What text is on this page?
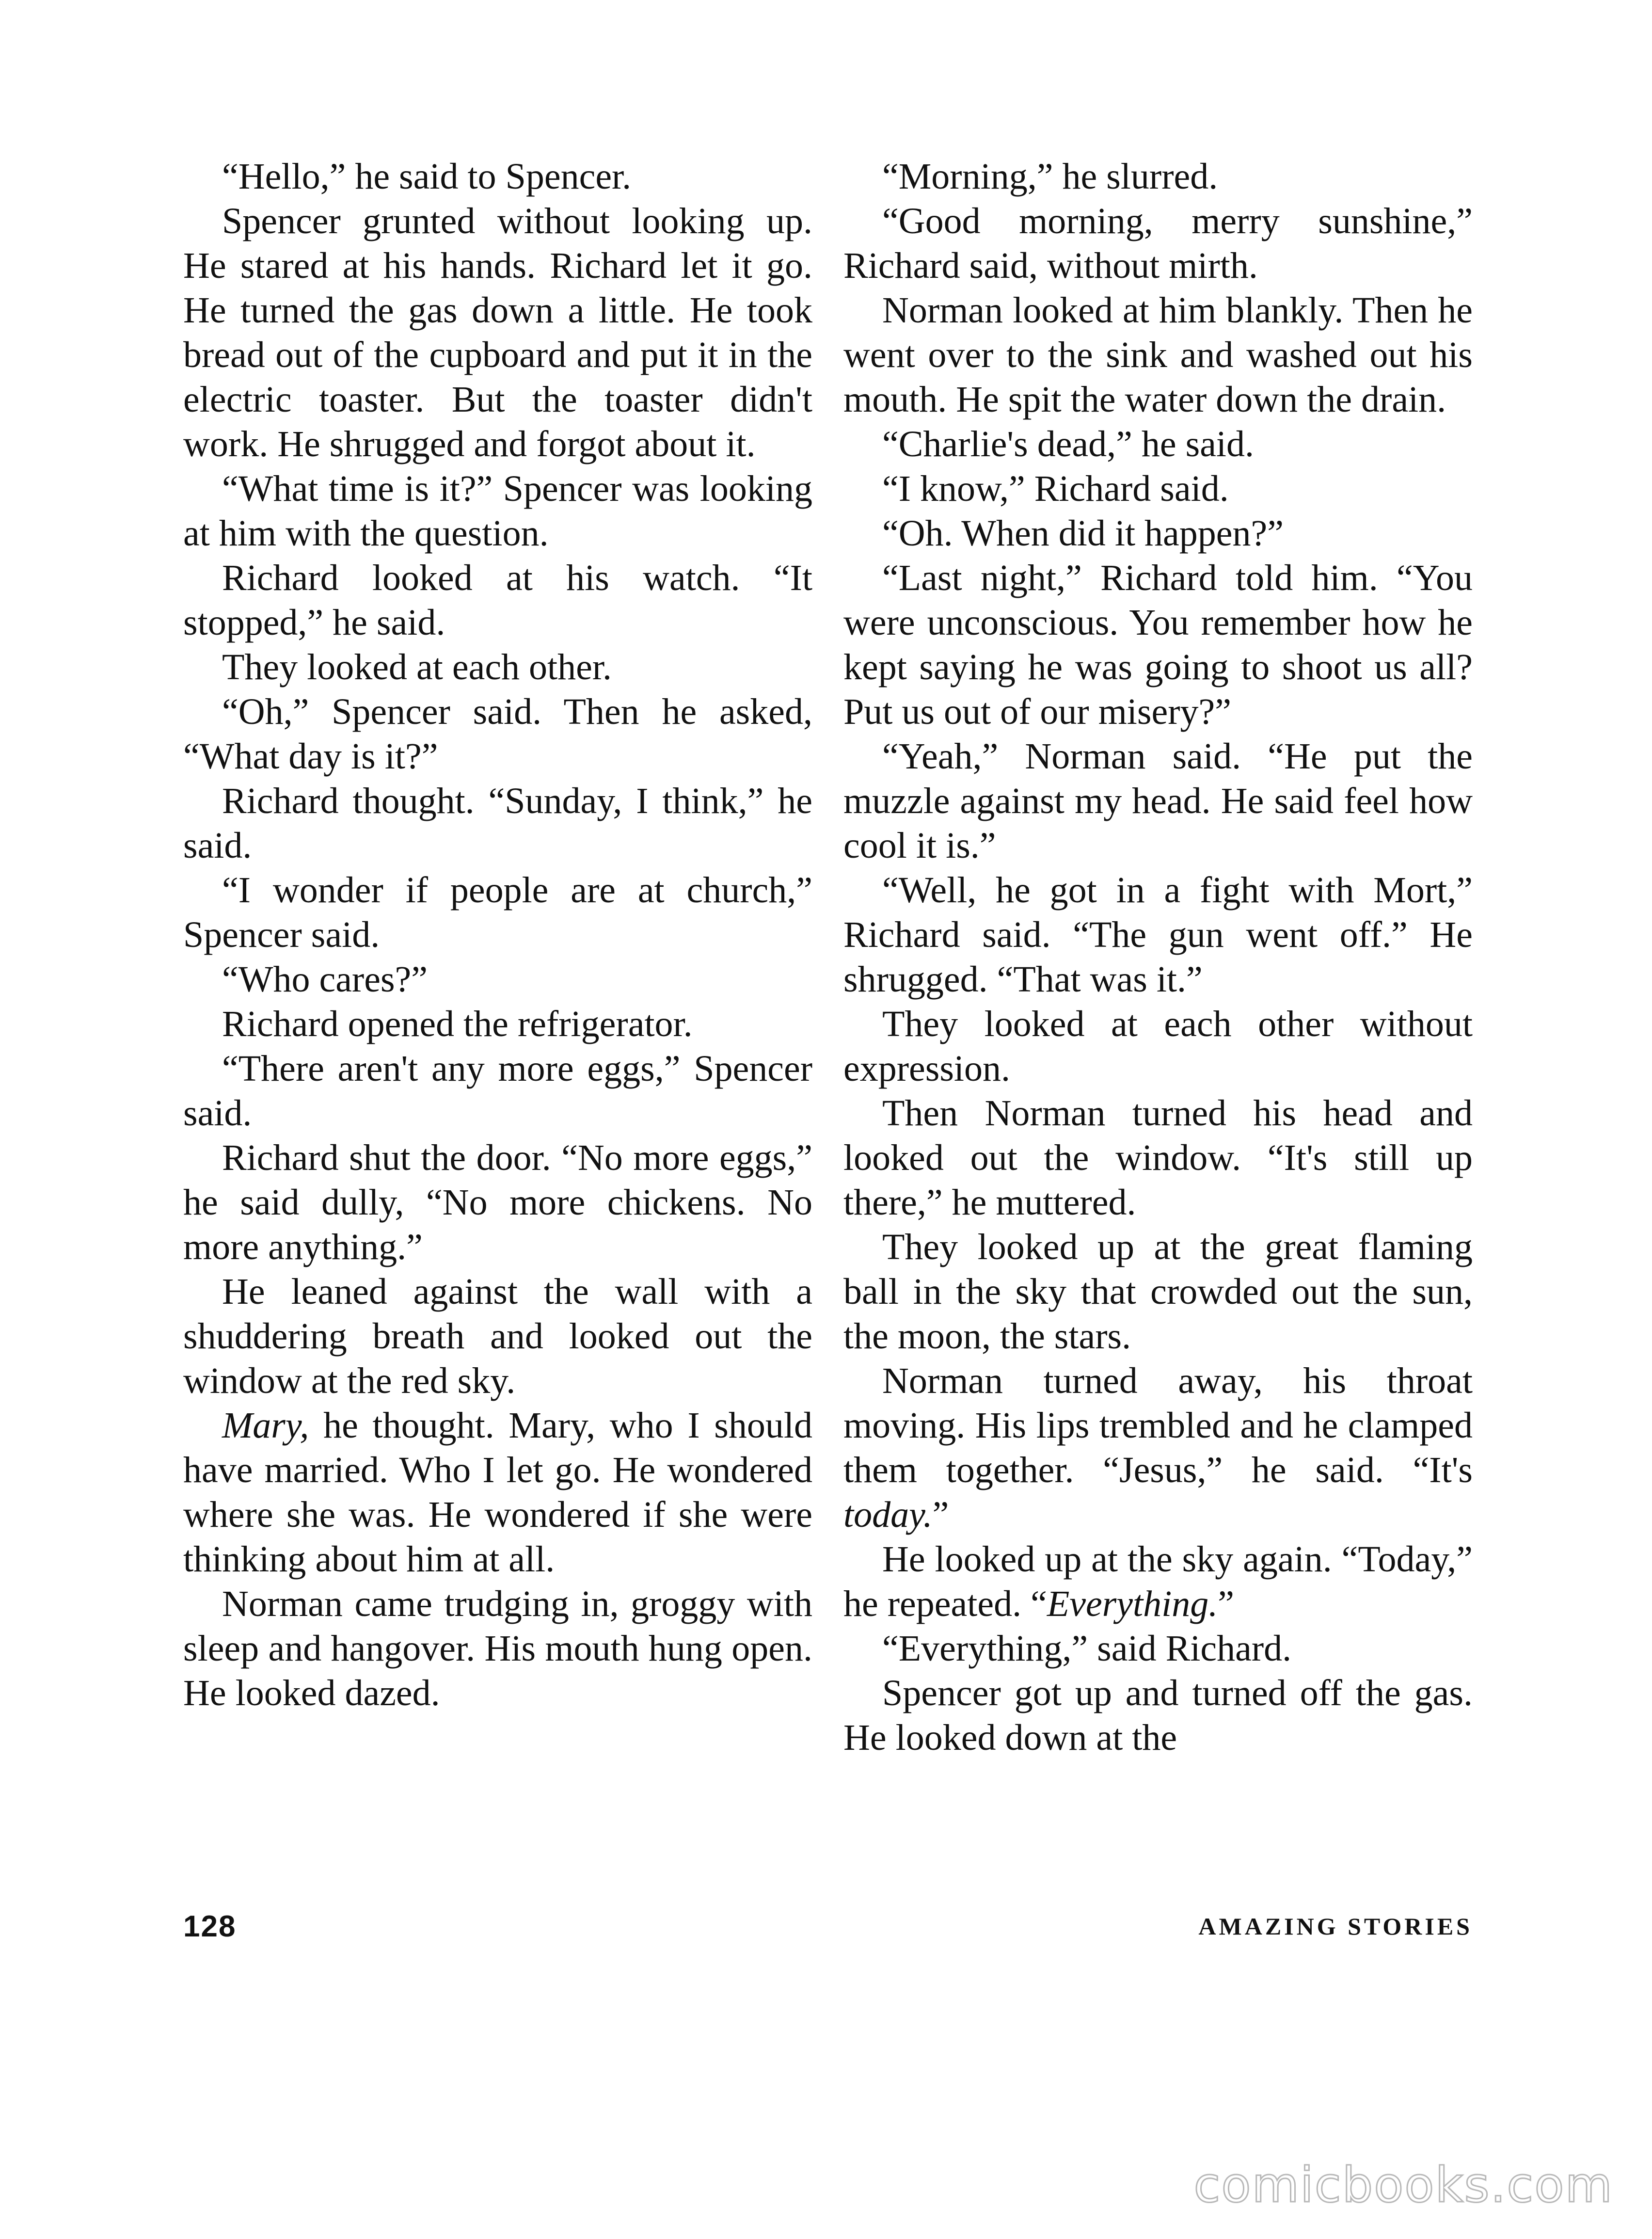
“Hello,” he said to Spencer.

Spencer grunted without looking up. He stared at his hands. Richard let it go. He turned the gas down a little. He took bread out of the cupboard and put it in the electric toaster. But the toaster didn't work. He shrugged and forgot about it.

“What time is it?” Spencer was looking at him with the question.

Richard looked at his watch. “It stopped,” he said.

They looked at each other.

“Oh,” Spencer said. Then he asked, “What day is it?”

Richard thought. “Sunday, I think,” he said.

“I wonder if people are at church,” Spencer said.

“Who cares?”

Richard opened the refrigerator.

“There aren't any more eggs,” Spencer said.

Richard shut the door. “No more eggs,” he said dully, “No more chickens. No more anything.”

He leaned against the wall with a shuddering breath and looked out the window at the red sky.

Mary, he thought. Mary, who I should have married. Who I let go. He wondered where she was. He wondered if she were thinking about him at all.

Norman came trudging in, groggy with sleep and hangover. His mouth hung open. He looked dazed.

“Morning,” he slurred.

“Good morning, merry sunshine,” Richard said, without mirth.

Norman looked at him blankly. Then he went over to the sink and washed out his mouth. He spit the water down the drain.

“Charlie's dead,” he said.

“I know,” Richard said.

“Oh. When did it happen?”

“Last night,” Richard told him. “You were unconscious. You remember how he kept saying he was going to shoot us all? Put us out of our misery?”

“Yeah,” Norman said. “He put the muzzle against my head. He said feel how cool it is.”

“Well, he got in a fight with Mort,” Richard said. “The gun went off.” He shrugged. “That was it.”

They looked at each other without expression.

Then Norman turned his head and looked out the window. “It's still up there,” he muttered.

They looked up at the great flaming ball in the sky that crowded out the sun, the moon, the stars.

Norman turned away, his throat moving. His lips trembled and he clamped them together. “Jesus,” he said. “It's today.”

He looked up at the sky again. “Today,” he repeated. “Everything.”

“Everything,” said Richard.

Spencer got up and turned off the gas. He looked down at the

128	AMAZING STORIES
comicbooks.com
